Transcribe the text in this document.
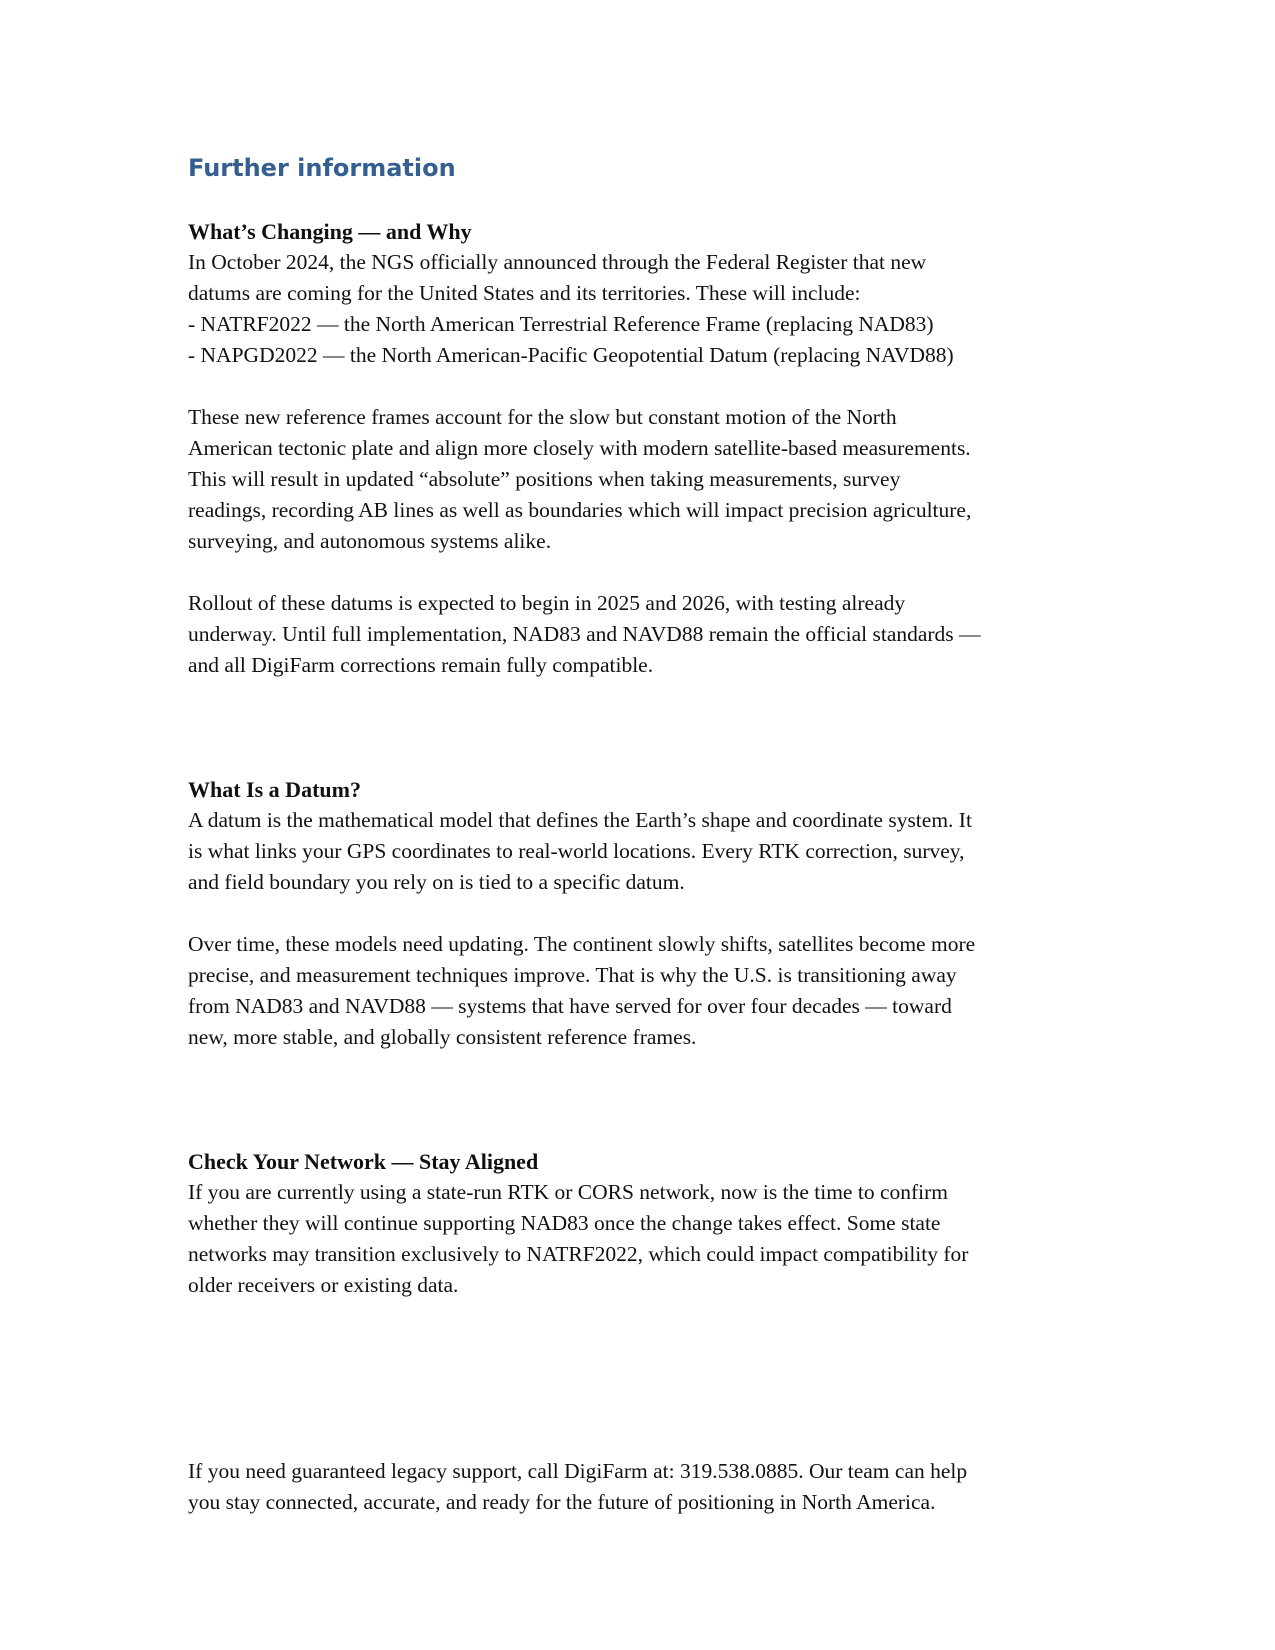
Further information
What’s Changing — and Why

In October 2024, the NGS officially announced through the Federal Register that new
datums are coming for the United States and its territories. These will include:
- NATRF2022 — the North American Terrestrial Reference Frame (replacing NAD83)
- NAPGD2022 — the North American-Pacific Geopotential Datum (replacing NAVD88)

These new reference frames account for the slow but constant motion of the North
American tectonic plate and align more closely with modern satellite-based measurements.
This will result in updated “absolute” positions when taking measurements, survey
readings, recording AB lines as well as boundaries which will impact precision agriculture,
surveying, and autonomous systems alike.

Rollout of these datums is expected to begin in 2025 and 2026, with testing already
underway. Until full implementation, NAD83 and NAVD88 remain the official standards —
and all DigiFarm corrections remain fully compatible.

What Is a Datum?

A datum is the mathematical model that defines the Earth’s shape and coordinate system. It
is what links your GPS coordinates to real-world locations. Every RTK correction, survey,
and field boundary you rely on is tied to a specific datum.

Over time, these models need updating. The continent slowly shifts, satellites become more
precise, and measurement techniques improve. That is why the U.S. is transitioning away
from NAD83 and NAVD88 — systems that have served for over four decades — toward
new, more stable, and globally consistent reference frames.

Check Your Network — Stay Aligned

If you are currently using a state-run RTK or CORS network, now is the time to confirm
whether they will continue supporting NAD83 once the change takes effect. Some state
networks may transition exclusively to NATRF2022, which could impact compatibility for
older receivers or existing data.

If you need guaranteed legacy support, call DigiFarm at: 319.538.0885. Our team can help
you stay connected, accurate, and ready for the future of positioning in North America.
